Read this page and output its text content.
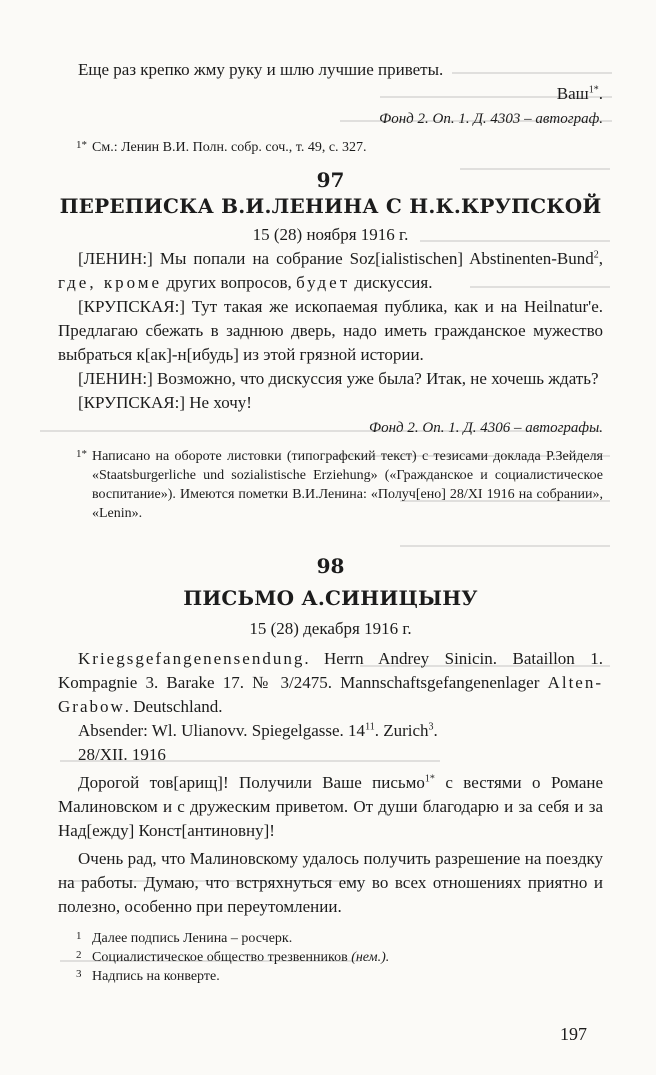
Еще раз крепко жму руку и шлю лучшие приветы.

Ваш$^{1*}$.

Фонд 2. Оп. 1. Д. 4303 – автограф.

1* См.: Ленин В.И. Полн. собр. соч., т. 49, с. 327.

97

ПЕРЕПИСКА В.И.ЛЕНИНА С Н.К.КРУПСКОЙ

15 (28) ноября 1916 г.

[ЛЕНИН:] Мы попали на собрание Soz[ialistischen] Abstinenten-Bund$^2$, где, кроме других вопросов, будет дискуссия.

[КРУПСКАЯ:] Тут такая же ископаемая публика, как и на Heilnatur'е. Предлагаю сбежать в заднюю дверь, надо иметь гражданское мужество выбраться к[ак]-н[ибудь] из этой грязной истории.

[ЛЕНИН:] Возможно, что дискуссия уже была? Итак, не хочешь ждать?

[КРУПСКАЯ:] Не хочу!

Фонд 2. Оп. 1. Д. 4306 – автографы.

1* Написано на обороте листовки (типографский текст) с тезисами доклада Р.Зейделя «Staatsburgerliche und sozialistische Erziehung» («Гражданское и социалистическое воспитание»). Имеются пометки В.И.Ленина: «Получ[ено] 28/XI 1916 на собрании», «Lenin».

98

ПИСЬМО А.СИНИЦЫНУ

15 (28) декабря 1916 г.

Kriegsgefangenensendung. Herrn Andrey Sinicin. Bataillon 1. Kompagnie 3. Barake 17. № 3/2475. Mannschaftsgefangenenlager Alten-Grabow. Deutschland.

Absender: Wl. Ulianovv. Spiegelgasse. $14^{11}$. Zurich$^3$.

28/XII. 1916

Дорогой тов[арищ]! Получили Ваше письмо$^{1*}$ с вестями о Романе Малиновском и с дружеским приветом. От души благодарю и за себя и за Над[ежду] Конст[антиновну]!

Очень рад, что Малиновскому удалось получить разрешение на поездку на работы. Думаю, что встряхнуться ему во всех отношениях приятно и полезно, особенно при переутомлении.

1 Далее подпись Ленина – росчерк.
2 Социалистическое общество трезвенников (нем.).
3 Надпись на конверте.
197
